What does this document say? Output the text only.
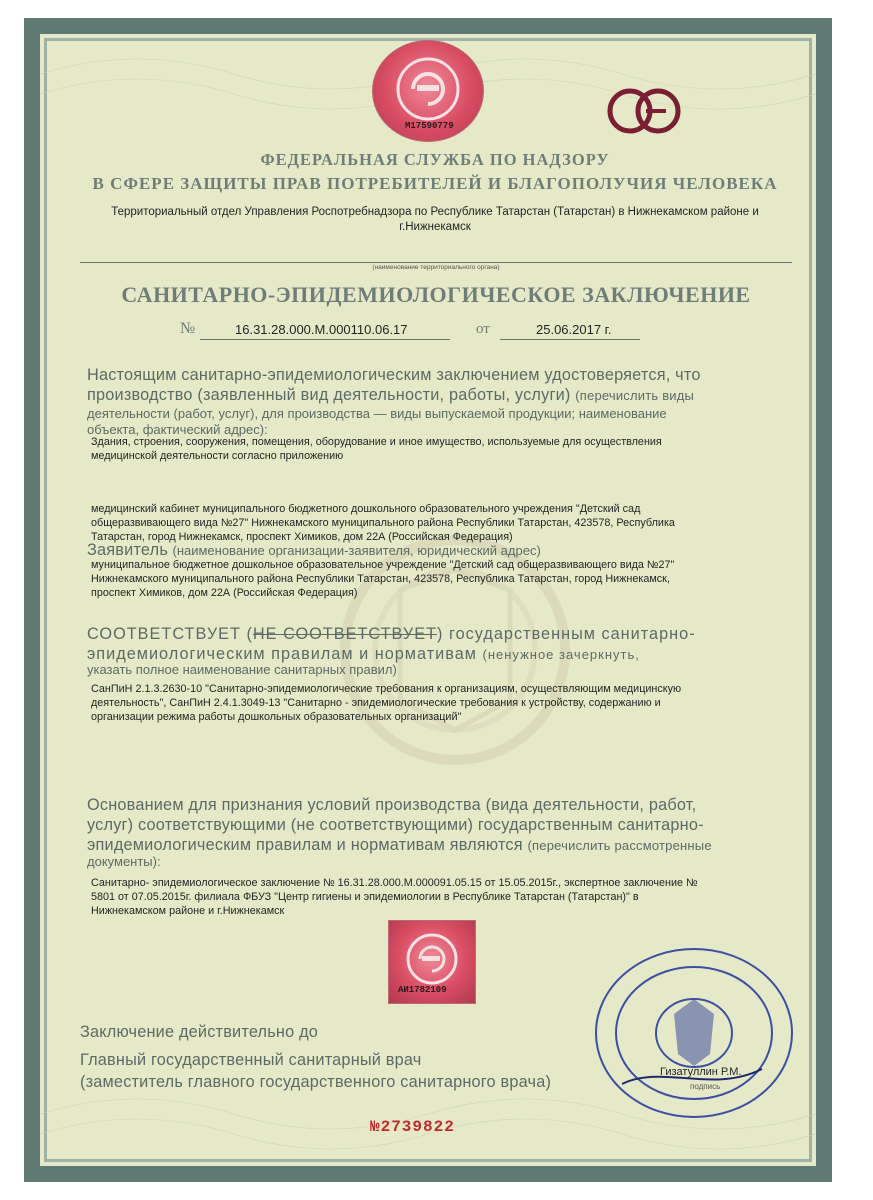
M17590779

ФЕДЕРАЛЬНАЯ СЛУЖБА ПО НАДЗОРУ

В СФЕРЕ ЗАЩИТЫ ПРАВ ПОТРЕБИТЕЛЕЙ И БЛАГОПОЛУЧИЯ ЧЕЛОВЕКА

Территориальный отдел Управления Роспотребнадзора по Республике Татарстан (Татарстан) в Нижнекамском районе и

г.Нижнекамск

(наименование территориального органа)

САНИТАРНО-ЭПИДЕМИОЛОГИЧЕСКОЕ ЗАКЛЮЧЕНИЕ

№	16.31.28.000.М.000110.06.17	от	25.06.2017 г.

Настоящим санитарно-эпидемиологическим заключением удостоверяется, что

производство (заявленный вид деятельности, работы, услуги) (перечислить виды

деятельности (работ, услуг), для производства — виды выпускаемой продукции; наименование

объекта, фактический адрес):

Здания, строения, сооружения, помещения, оборудование и иное имущество, используемые для осуществления

медицинской деятельности согласно приложению

медицинский кабинет муниципального бюджетного дошкольного образовательного учреждения "Детский сад

общеразвивающего вида №27" Нижнекамского муниципального района Республики Татарстан, 423578, Республика

Татарстан, город Нижнекамск, проспект Химиков, дом 22А (Российская Федерация)

Заявитель (наименование организации-заявителя, юридический адрес)

муниципальное бюджетное дошкольное образовательное учреждение "Детский сад общеразвивающего вида №27"

Нижнекамского муниципального района Республики Татарстан, 423578, Республика Татарстан, город Нижнекамск,

проспект Химиков, дом 22А (Российская Федерация)

СООТВЕТСТВУЕТ (НЕ СООТВЕТСТВУЕТ) государственным санитарно-

эпидемиологическим правилам и нормативам (ненужное зачеркнуть,

указать полное наименование санитарных правил)

СанПиН 2.1.3.2630-10 "Санитарно-эпидемиологические требования к организациям, осуществляющим медицинскую

деятельность", СанПиН 2.4.1.3049-13 "Санитарно - эпидемиологические требования к устройству, содержанию и

организации режима работы дошкольных образовательных организаций"

Основанием для признания условий производства (вида деятельности, работ,

услуг) соответствующими (не соответствующими) государственным санитарно-

эпидемиологическим правилам и нормативам являются (перечислить рассмотренные

документы):

Санитарно- эпидемиологическое заключение № 16.31.28.000.М.000091.05.15 от 15.05.2015г., экспертное заключение №

5801 от 07.05.2015г. филиала ФБУЗ "Центр гигиены и эпидемиологии в Республике Татарстан (Татарстан)" в

Нижнекамском районе и г.Нижнекамск

AИ1782109

Заключение действительно до

Главный государственный санитарный врач

(заместитель главного государственного санитарного врача)

Гизатуллин Р.М.
подпись
№2739822
